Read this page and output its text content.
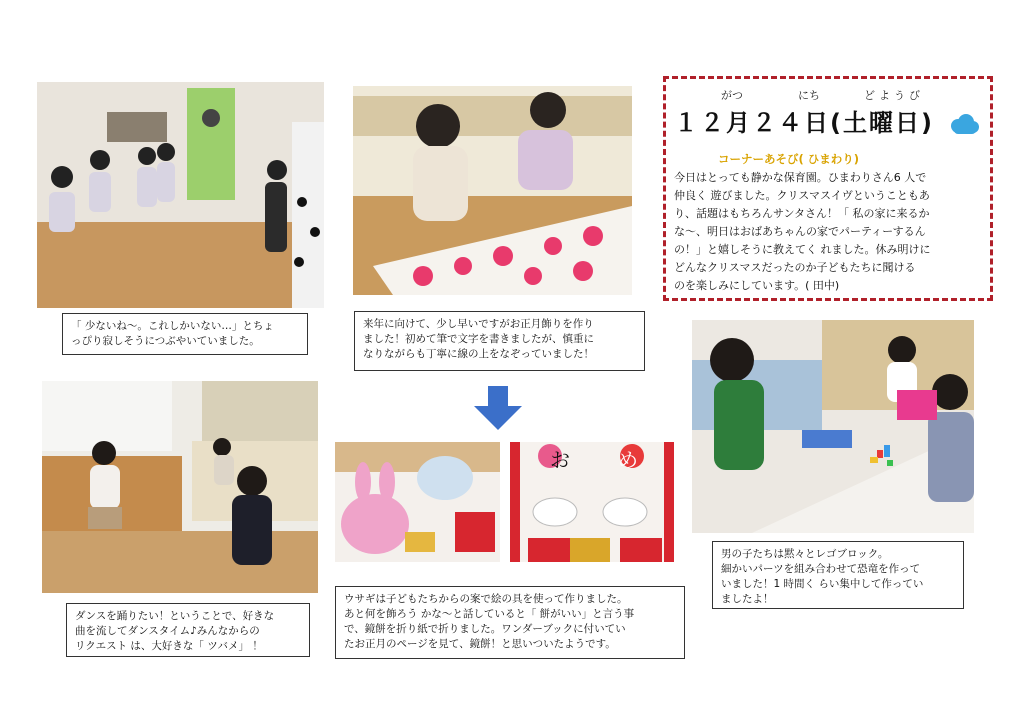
「 少ないね～。これしかいない…」とちょ
っぴり寂しそうにつぶやいていました。
来年に向けて、少し早いですがお正月飾りを作り
ました！初めて筆で文字を書きましたが、慎重に
なりながらも丁寧に線の上をなぞっていました！
がつ	にち	どようび
１２月２４日(土曜日)
コーナーあそび( ひまわり)
今日はとっても静かな保育園。ひまわりさん6 人で
仲良く 遊びました。クリスマスイヴということもあ
り、話題はもちろんサンタさん！「 私の家に来るか
な～、明日はおばあちゃんの家でパーティーするん
の！」と嬉しそうに教えてく れました。休み明けに
どんなクリスマスだったのか子どもたちに聞ける
のを楽しみにしています。( 田中)
男の子たちは黙々とレゴブロック。
細かいパーツを組み合わせて恐竜を作って
いました！1 時間く らい集中して作ってい
ましたよ！
ダンスを踊りたい！ということで、好きな
曲を流してダンスタイム♪みんなからの
リクエスト は、大好きな「 ツバメ」 ！
お め
ウサギは子どもたちからの案で絵の具を使って作りました。
あと何を飾ろう かな～と話していると「 餅がいい」と言う事
で、鏡餅を折り紙で折りました。ワンダーブックに付いてい
たお正月のページを見て、鏡餅！と思いついたようです。
